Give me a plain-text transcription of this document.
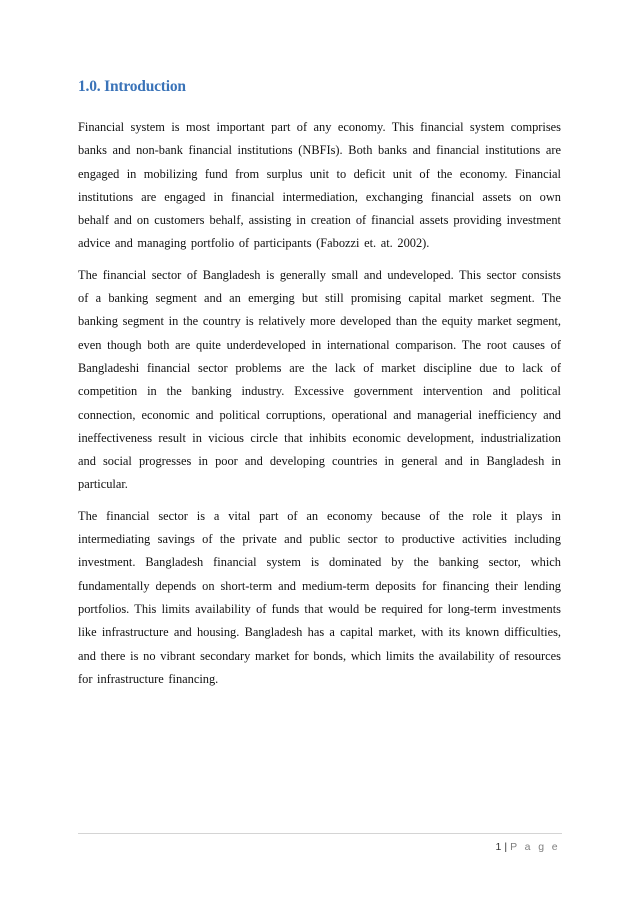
1.0. Introduction

Financial system is most important part of any economy. This financial system comprises banks and non-bank financial institutions (NBFIs). Both banks and financial institutions are engaged in mobilizing fund from surplus unit to deficit unit of the economy. Financial institutions are engaged in financial intermediation, exchanging financial assets on own behalf and on customers behalf, assisting in creation of financial assets providing investment advice and managing portfolio of participants (Fabozzi et. at. 2002).

The financial sector of Bangladesh is generally small and undeveloped. This sector consists of a banking segment and an emerging but still promising capital market segment. The banking segment in the country is relatively more developed than the equity market segment, even though both are quite underdeveloped in international comparison. The root causes of Bangladeshi financial sector problems are the lack of market discipline due to lack of competition in the banking industry. Excessive government intervention and political connection, economic and political corruptions, operational and managerial inefficiency and ineffectiveness result in vicious circle that inhibits economic development, industrialization and social progresses in poor and developing countries in general and in Bangladesh in particular.

The financial sector is a vital part of an economy because of the role it plays in intermediating savings of the private and public sector to productive activities including investment. Bangladesh financial system is dominated by the banking sector, which fundamentally depends on short-term and medium-term deposits for financing their lending portfolios. This limits availability of funds that would be required for long-term investments like infrastructure and housing. Bangladesh has a capital market, with its known difficulties, and there is no vibrant secondary market for bonds, which limits the availability of resources for infrastructure financing.

1 | P a g e
